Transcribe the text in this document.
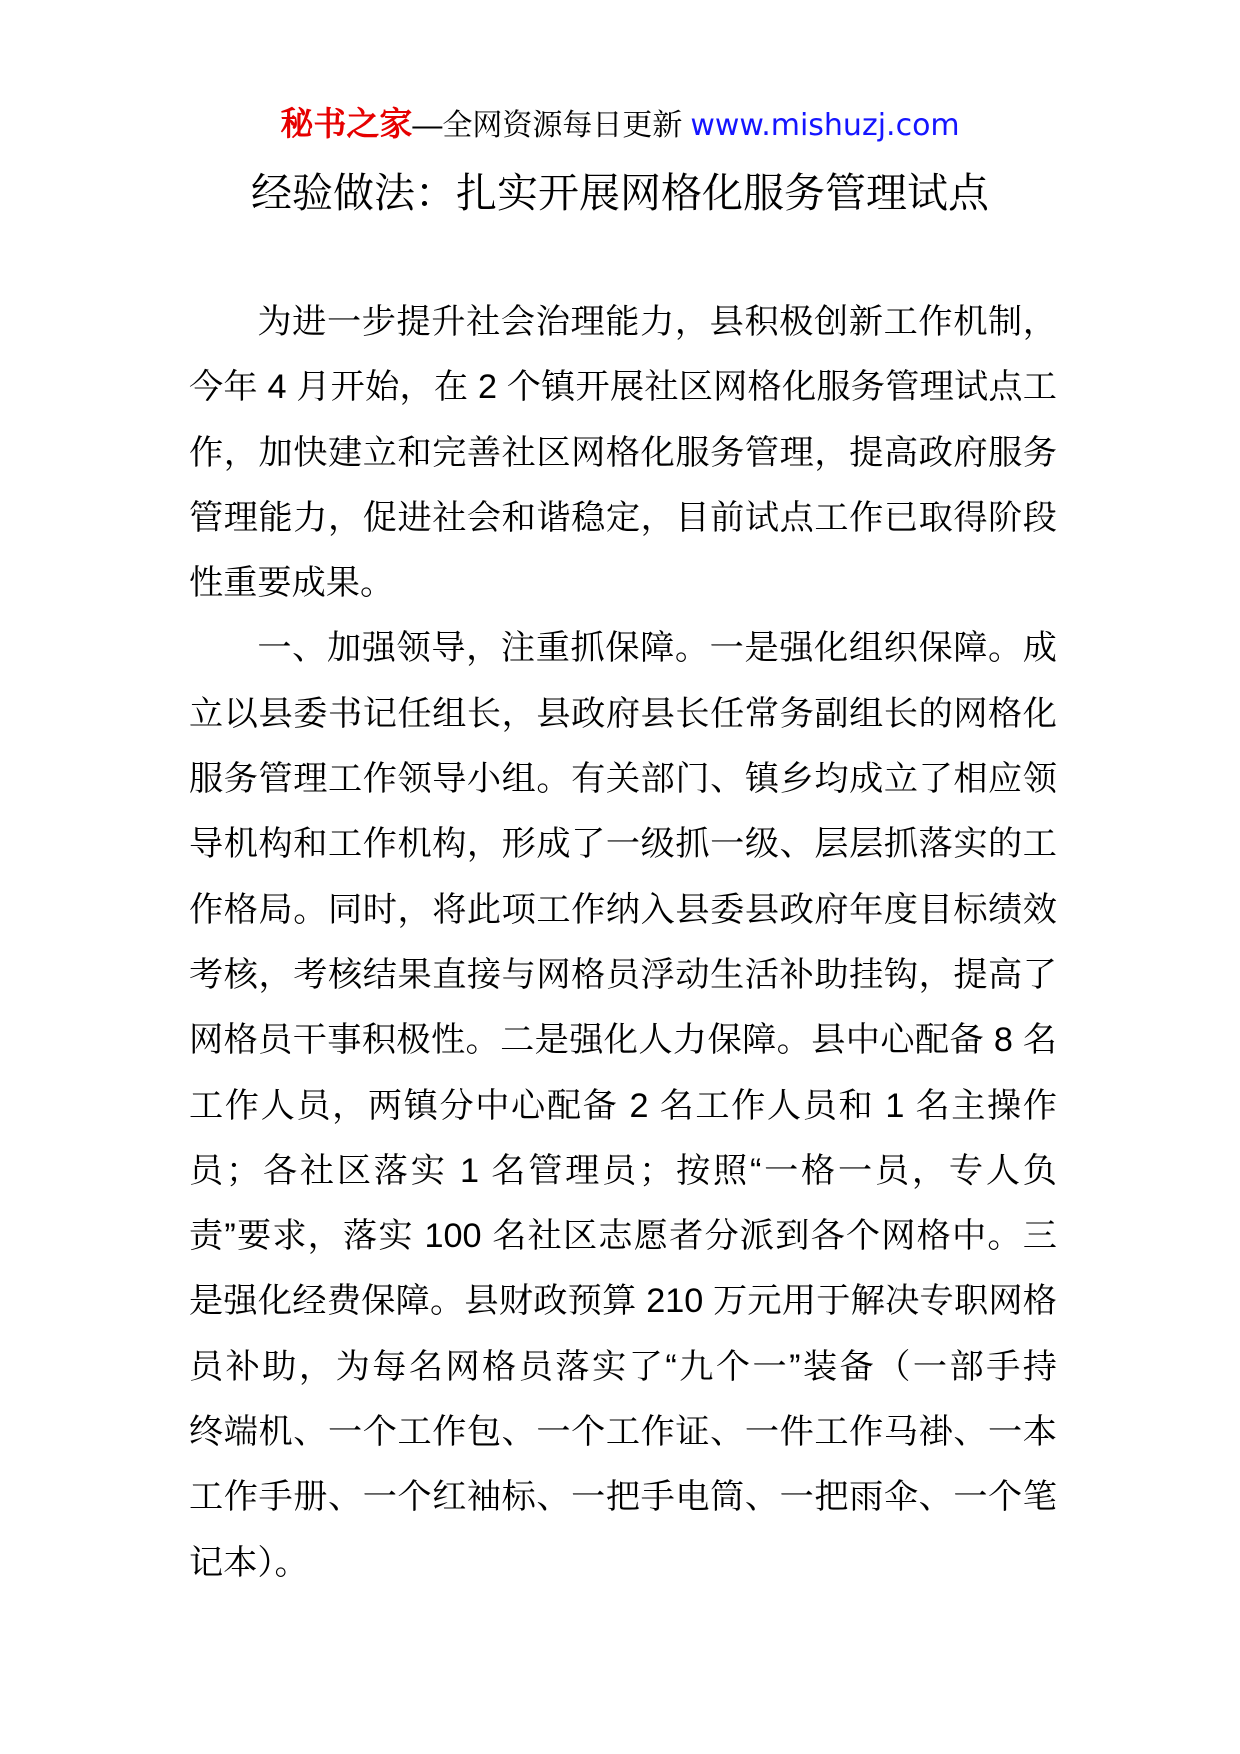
秘书之家—全网资源每日更新 www.mishuzj.com
经验做法：扎实开展网格化服务管理试点
为进一步提升社会治理能力，县积极创新工作机制，
今年 4 月开始，在 2 个镇开展社区网格化服务管理试点工
作，加快建立和完善社区网格化服务管理，提高政府服务
管理能力，促进社会和谐稳定，目前试点工作已取得阶段
性重要成果。
一、加强领导，注重抓保障。一是强化组织保障。成
立以县委书记任组长，县政府县长任常务副组长的网格化
服务管理工作领导小组。有关部门、镇乡均成立了相应领
导机构和工作机构，形成了一级抓一级、层层抓落实的工
作格局。同时，将此项工作纳入县委县政府年度目标绩效
考核，考核结果直接与网格员浮动生活补助挂钩，提高了
网格员干事积极性。二是强化人力保障。县中心配备 8 名
工作人员，两镇分中心配备 2 名工作人员和 1 名主操作
员；各社区落实 1 名管理员；按照“一格一员，专人负
责”要求，落实 100 名社区志愿者分派到各个网格中。三
是强化经费保障。县财政预算 210 万元用于解决专职网格
员补助，为每名网格员落实了“九个一”装备（一部手持
终端机、一个工作包、一个工作证、一件工作马褂、一本
工作手册、一个红袖标、一把手电筒、一把雨伞、一个笔
记本）。
